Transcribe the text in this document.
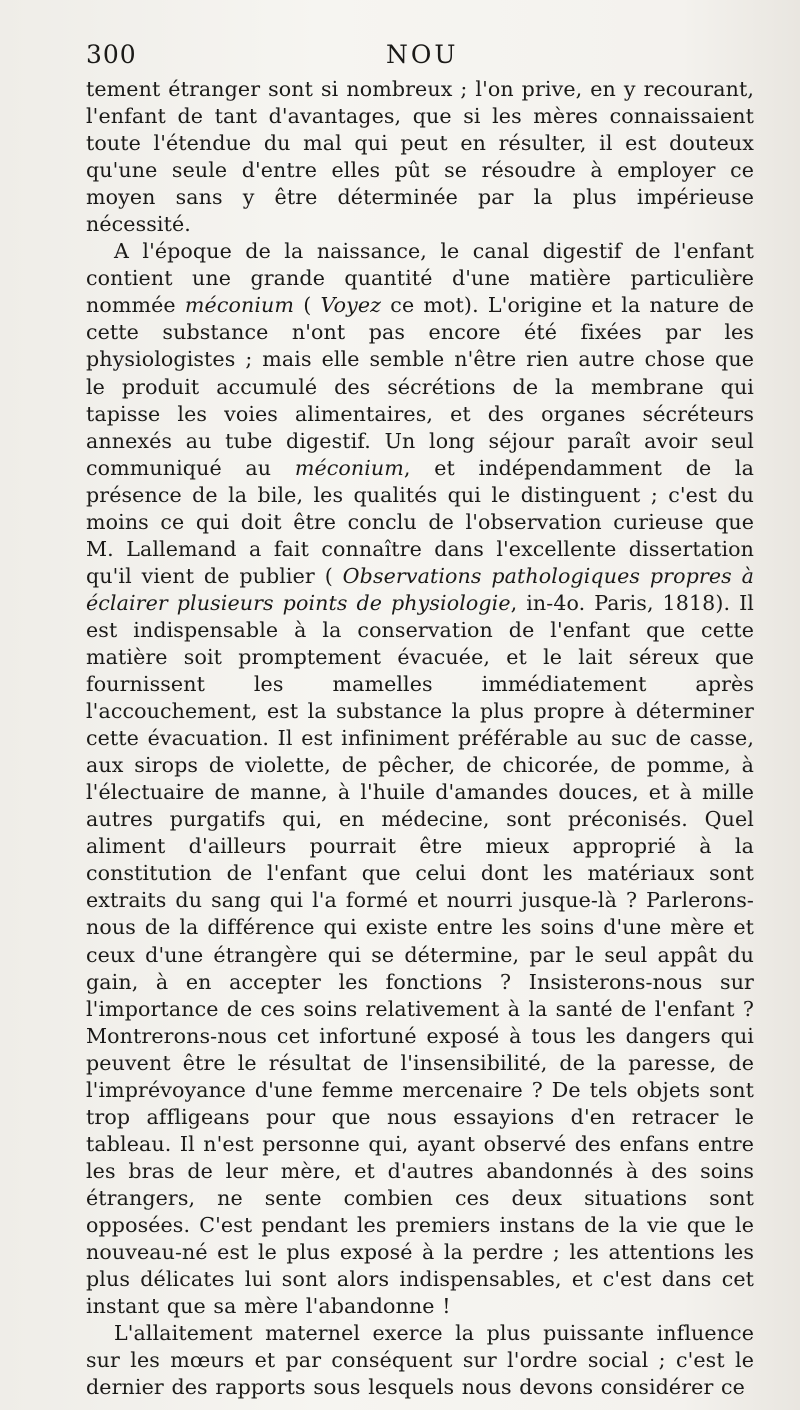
300	NOU

tement étranger sont si nombreux ; l'on prive, en y recourant, l'enfant de tant d'avantages, que si les mères connaissaient toute l'étendue du mal qui peut en résulter, il est douteux qu'une seule d'entre elles pût se résoudre à employer ce moyen sans y être déterminée par la plus impérieuse nécessité.

A l'époque de la naissance, le canal digestif de l'enfant contient une grande quantité d'une matière particulière nommée méconium ( Voyez ce mot). L'origine et la nature de cette substance n'ont pas encore été fixées par les physiologistes ; mais elle semble n'être rien autre chose que le produit accumulé des sécrétions de la membrane qui tapisse les voies alimentaires, et des organes sécréteurs annexés au tube digestif. Un long séjour paraît avoir seul communiqué au méconium, et indépendamment de la présence de la bile, les qualités qui le distinguent ; c'est du moins ce qui doit être conclu de l'observation curieuse que M. Lallemand a fait connaître dans l'excellente dissertation qu'il vient de publier ( Observations pathologiques propres à éclairer plusieurs points de physiologie, in-4o. Paris, 1818). Il est indispensable à la conservation de l'enfant que cette matière soit promptement évacuée, et le lait séreux que fournissent les mamelles immédiatement après l'accouchement, est la substance la plus propre à déterminer cette évacuation. Il est infiniment préférable au suc de casse, aux sirops de violette, de pêcher, de chicorée, de pomme, à l'électuaire de manne, à l'huile d'amandes douces, et à mille autres purgatifs qui, en médecine, sont préconisés. Quel aliment d'ailleurs pourrait être mieux approprié à la constitution de l'enfant que celui dont les matériaux sont extraits du sang qui l'a formé et nourri jusque-là ? Parlerons-nous de la différence qui existe entre les soins d'une mère et ceux d'une étrangère qui se détermine, par le seul appât du gain, à en accepter les fonctions ? Insisterons-nous sur l'importance de ces soins relativement à la santé de l'enfant ? Montrerons-nous cet infortuné exposé à tous les dangers qui peuvent être le résultat de l'insensibilité, de la paresse, de l'imprévoyance d'une femme mercenaire ? De tels objets sont trop affligeans pour que nous essayions d'en retracer le tableau. Il n'est personne qui, ayant observé des enfans entre les bras de leur mère, et d'autres abandonnés à des soins étrangers, ne sente combien ces deux situations sont opposées. C'est pendant les premiers instans de la vie que le nouveau-né est le plus exposé à la perdre ; les attentions les plus délicates lui sont alors indispensables, et c'est dans cet instant que sa mère l'abandonne !

L'allaitement maternel exerce la plus puissante influence sur les mœurs et par conséquent sur l'ordre social ; c'est le dernier des rapports sous lesquels nous devons considérer ce
